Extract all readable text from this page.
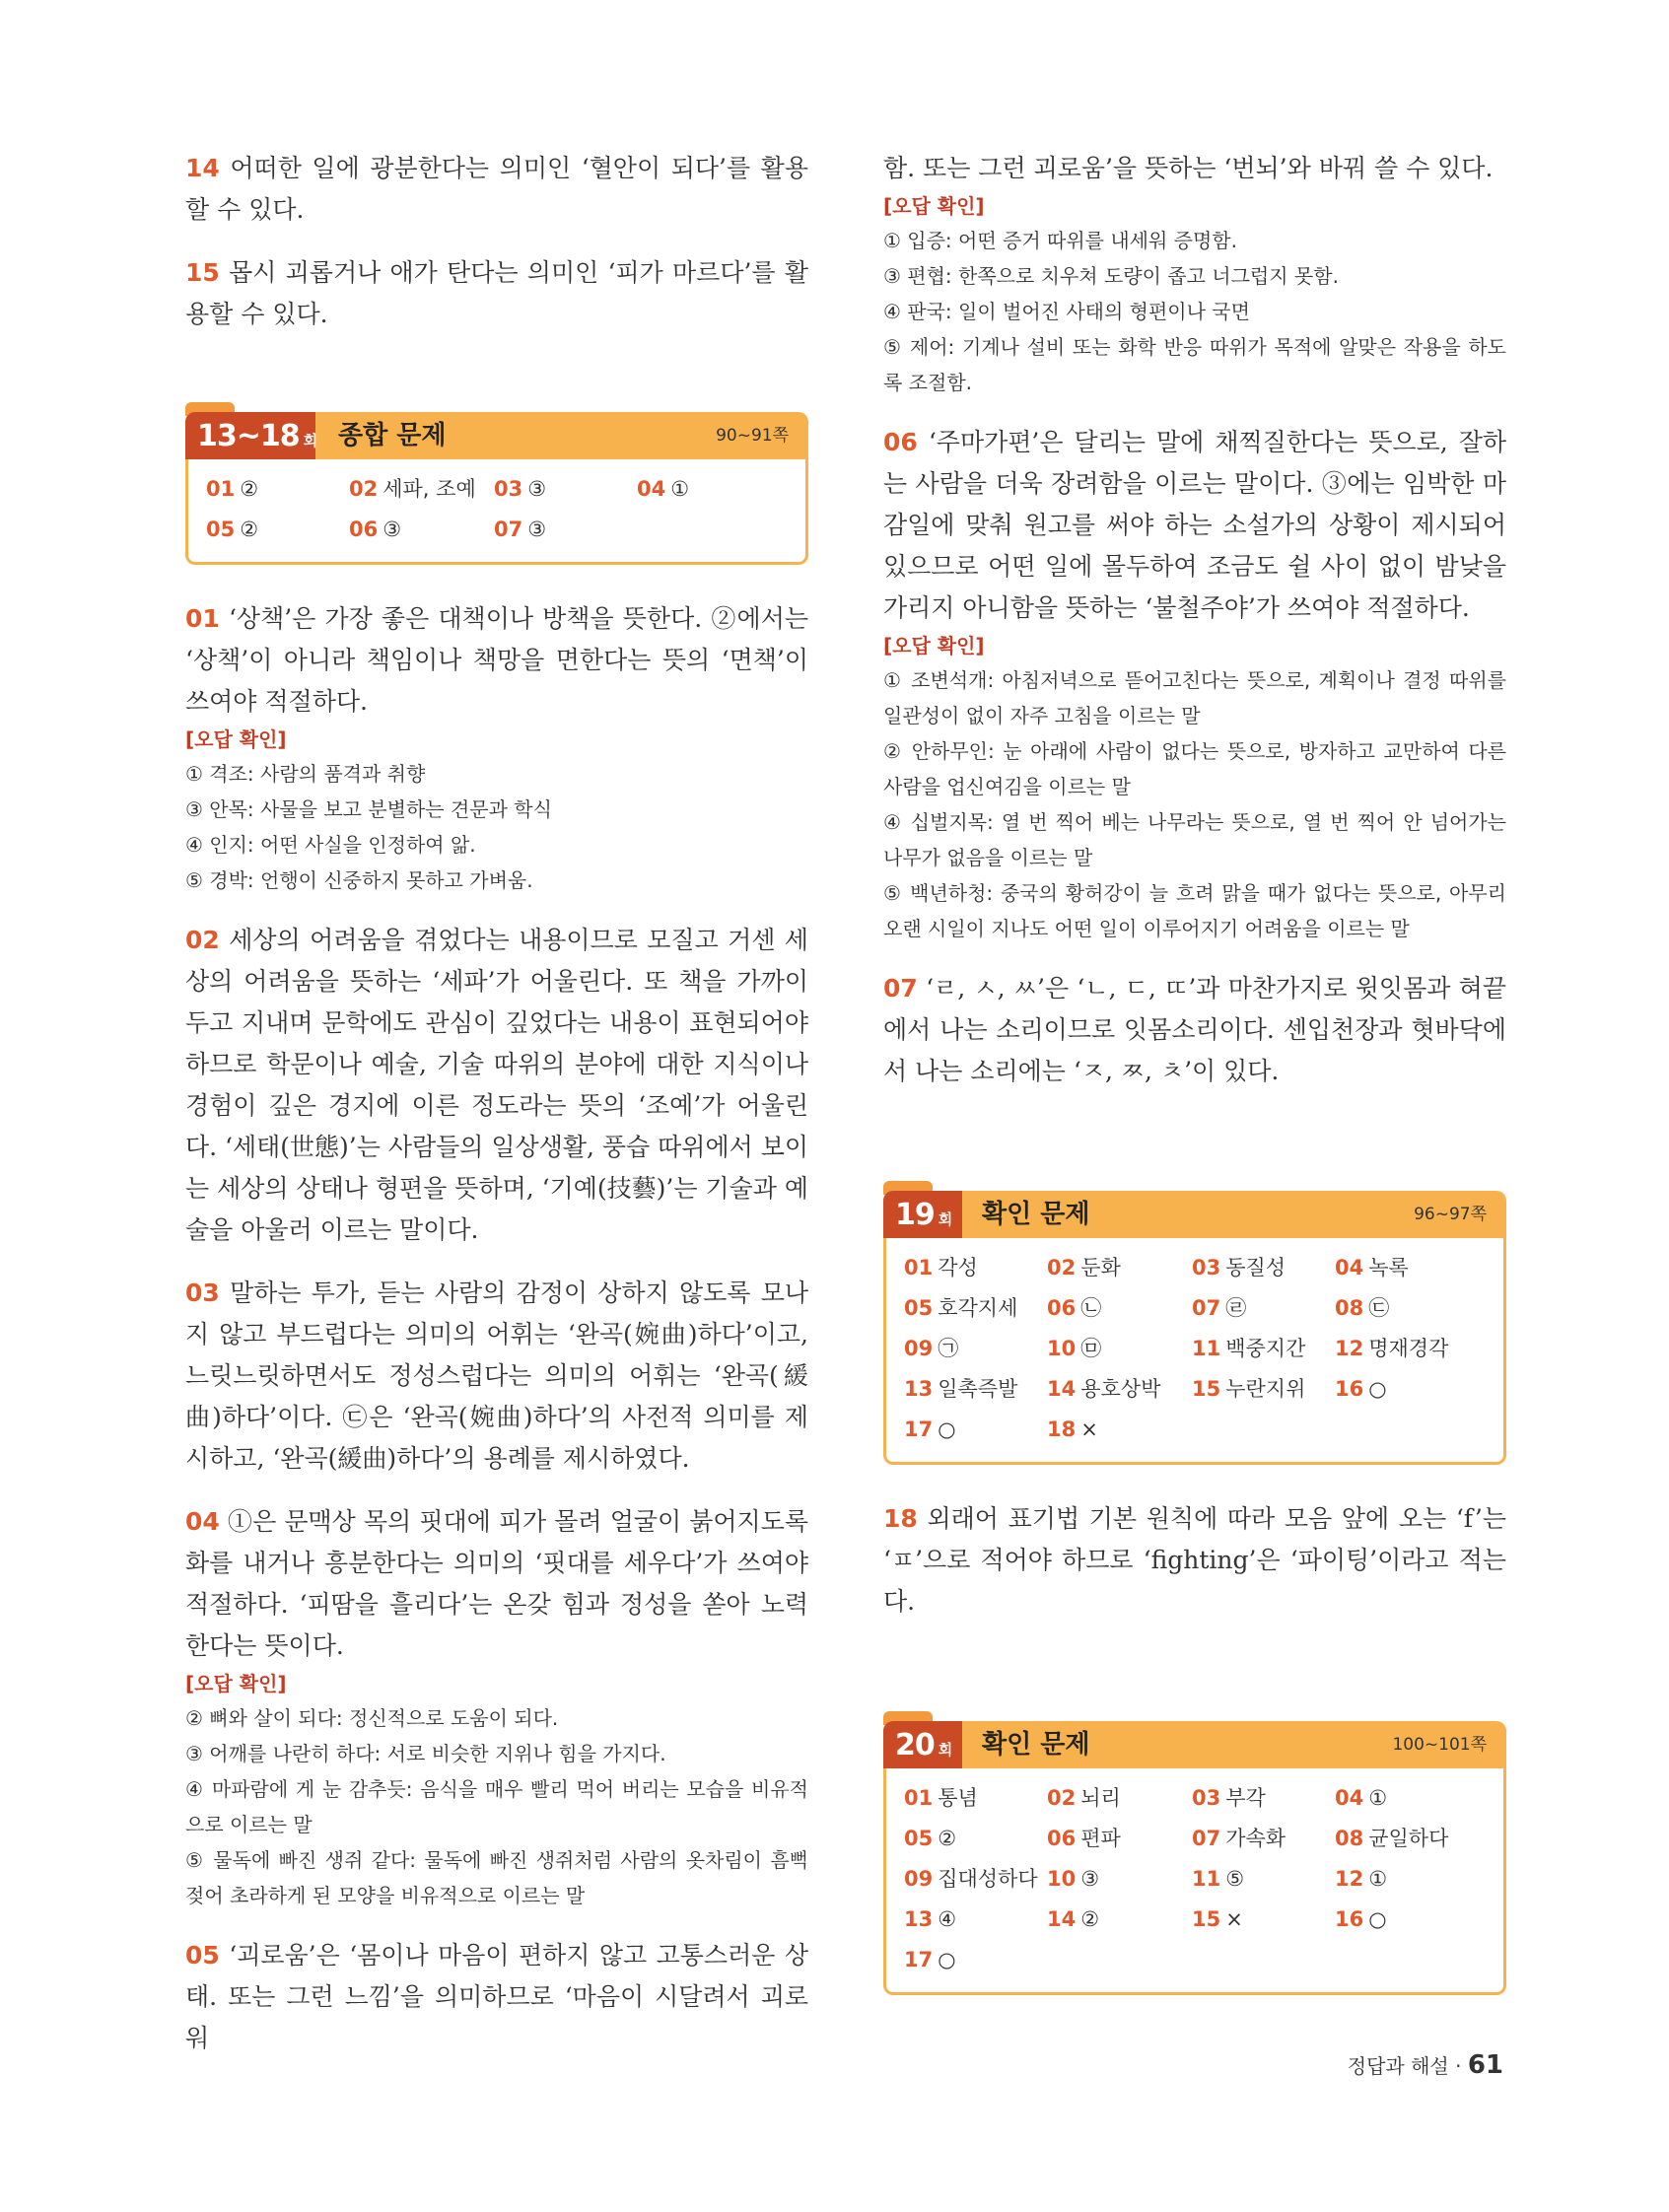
14 어떠한 일에 광분한다는 의미인 ‘혈안이 되다’를 활용할 수 있다.

15 몹시 괴롭거나 애가 탄다는 의미인 ‘피가 마르다’를 활용할 수 있다.

13~18 회 종합 문제	90~91쪽
01 ②	02 세파, 조예 03 ③	04 ①
05 ②	06 ③	07 ③

01 ‘상책’은 가장 좋은 대책이나 방책을 뜻한다. ②에서는 ‘상책’이 아니라 책임이나 책망을 면한다는 뜻의 ‘면책’이 쓰여야 적절하다.

[오답 확인]

① 격조: 사람의 품격과 취향
③ 안목: 사물을 보고 분별하는 견문과 학식
④ 인지: 어떤 사실을 인정하여 앎.
⑤ 경박: 언행이 신중하지 못하고 가벼움.

02 세상의 어려움을 겪었다는 내용이므로 모질고 거센 세상의 어려움을 뜻하는 ‘세파’가 어울린다. 또 책을 가까이 두고 지내며 문학에도 관심이 깊었다는 내용이 표현되어야 하므로 학문이나 예술, 기술 따위의 분야에 대한 지식이나 경험이 깊은 경지에 이른 정도라는 뜻의 ‘조예’가 어울린다. ‘세태(世態)’는 사람들의 일상생활, 풍습 따위에서 보이는 세상의 상태나 형편을 뜻하며, ‘기예(技藝)’는 기술과 예술을 아울러 이르는 말이다.

03 말하는 투가, 듣는 사람의 감정이 상하지 않도록 모나지 않고 부드럽다는 의미의 어휘는 ‘완곡(婉曲)하다’이고, 느릿느릿하면서도 정성스럽다는 의미의 어휘는 ‘완곡(緩曲)하다’이다. ㉢은 ‘완곡(婉曲)하다’의 사전적 의미를 제시하고, ‘완곡(緩曲)하다’의 용례를 제시하였다.

04 ①은 문맥상 목의 핏대에 피가 몰려 얼굴이 붉어지도록 화를 내거나 흥분한다는 의미의 ‘핏대를 세우다’가 쓰여야 적절하다. ‘피땀을 흘리다’는 온갖 힘과 정성을 쏟아 노력한다는 뜻이다.

[오답 확인]

② 뼈와 살이 되다: 정신적으로 도움이 되다.
③ 어깨를 나란히 하다: 서로 비슷한 지위나 힘을 가지다.
④ 마파람에 게 눈 감추듯: 음식을 매우 빨리 먹어 버리는 모습을 비유적으로 이르는 말
⑤ 물독에 빠진 생쥐 같다: 물독에 빠진 생쥐처럼 사람의 옷차림이 흠뻑 젖어 초라하게 된 모양을 비유적으로 이르는 말

05 ‘괴로움’은 ‘몸이나 마음이 편하지 않고 고통스러운 상태. 또는 그런 느낌’을 의미하므로 ‘마음이 시달려서 괴로워

함. 또는 그런 괴로움’을 뜻하는 ‘번뇌’와 바꿔 쓸 수 있다.

[오답 확인]

① 입증: 어떤 증거 따위를 내세워 증명함.
③ 편협: 한쪽으로 치우쳐 도량이 좁고 너그럽지 못함.
④ 판국: 일이 벌어진 사태의 형편이나 국면
⑤ 제어: 기계나 설비 또는 화학 반응 따위가 목적에 알맞은 작용을 하도록 조절함.

06 ‘주마가편’은 달리는 말에 채찍질한다는 뜻으로, 잘하는 사람을 더욱 장려함을 이르는 말이다. ③에는 임박한 마감일에 맞춰 원고를 써야 하는 소설가의 상황이 제시되어 있으므로 어떤 일에 몰두하여 조금도 쉴 사이 없이 밤낮을 가리지 아니함을 뜻하는 ‘불철주야’가 쓰여야 적절하다.

[오답 확인]

① 조변석개: 아침저녁으로 뜯어고친다는 뜻으로, 계획이나 결정 따위를 일관성이 없이 자주 고침을 이르는 말
② 안하무인: 눈 아래에 사람이 없다는 뜻으로, 방자하고 교만하여 다른 사람을 업신여김을 이르는 말
④ 십벌지목: 열 번 찍어 베는 나무라는 뜻으로, 열 번 찍어 안 넘어가는 나무가 없음을 이르는 말
⑤ 백년하청: 중국의 황허강이 늘 흐려 맑을 때가 없다는 뜻으로, 아무리 오랜 시일이 지나도 어떤 일이 이루어지기 어려움을 이르는 말

07 ‘ㄹ, ㅅ, ㅆ’은 ‘ㄴ, ㄷ, ㄸ’과 마찬가지로 윗잇몸과 혀끝에서 나는 소리이므로 잇몸소리이다. 센입천장과 혓바닥에서 나는 소리에는 ‘ㅈ, ㅉ, ㅊ’이 있다.

19 회 확인 문제	96~97쪽
01 각성	02 둔화	03 동질성	04 녹록
05 호각지세	06 ㉡	07 ㉣	08 ㉢
09 ㉠	10 ㉤	11 백중지간	12 명재경각
13 일촉즉발	14 용호상박	15 누란지위	16 ○
17 ○	18 ×

18 외래어 표기법 기본 원칙에 따라 모음 앞에 오는 ‘f’는 ‘ㅍ’으로 적어야 하므로 ‘fighting’은 ‘파이팅’이라고 적는다.

20 회 확인 문제	100~101쪽
01 통념	02 뇌리	03 부각	04 ①
05 ②	06 편파	07 가속화	08 균일하다
09 집대성하다 10 ③	11 ⑤	12 ①
13 ④	14 ②	15 ×	16 ○
17 ○
정답과 해설 · 61
